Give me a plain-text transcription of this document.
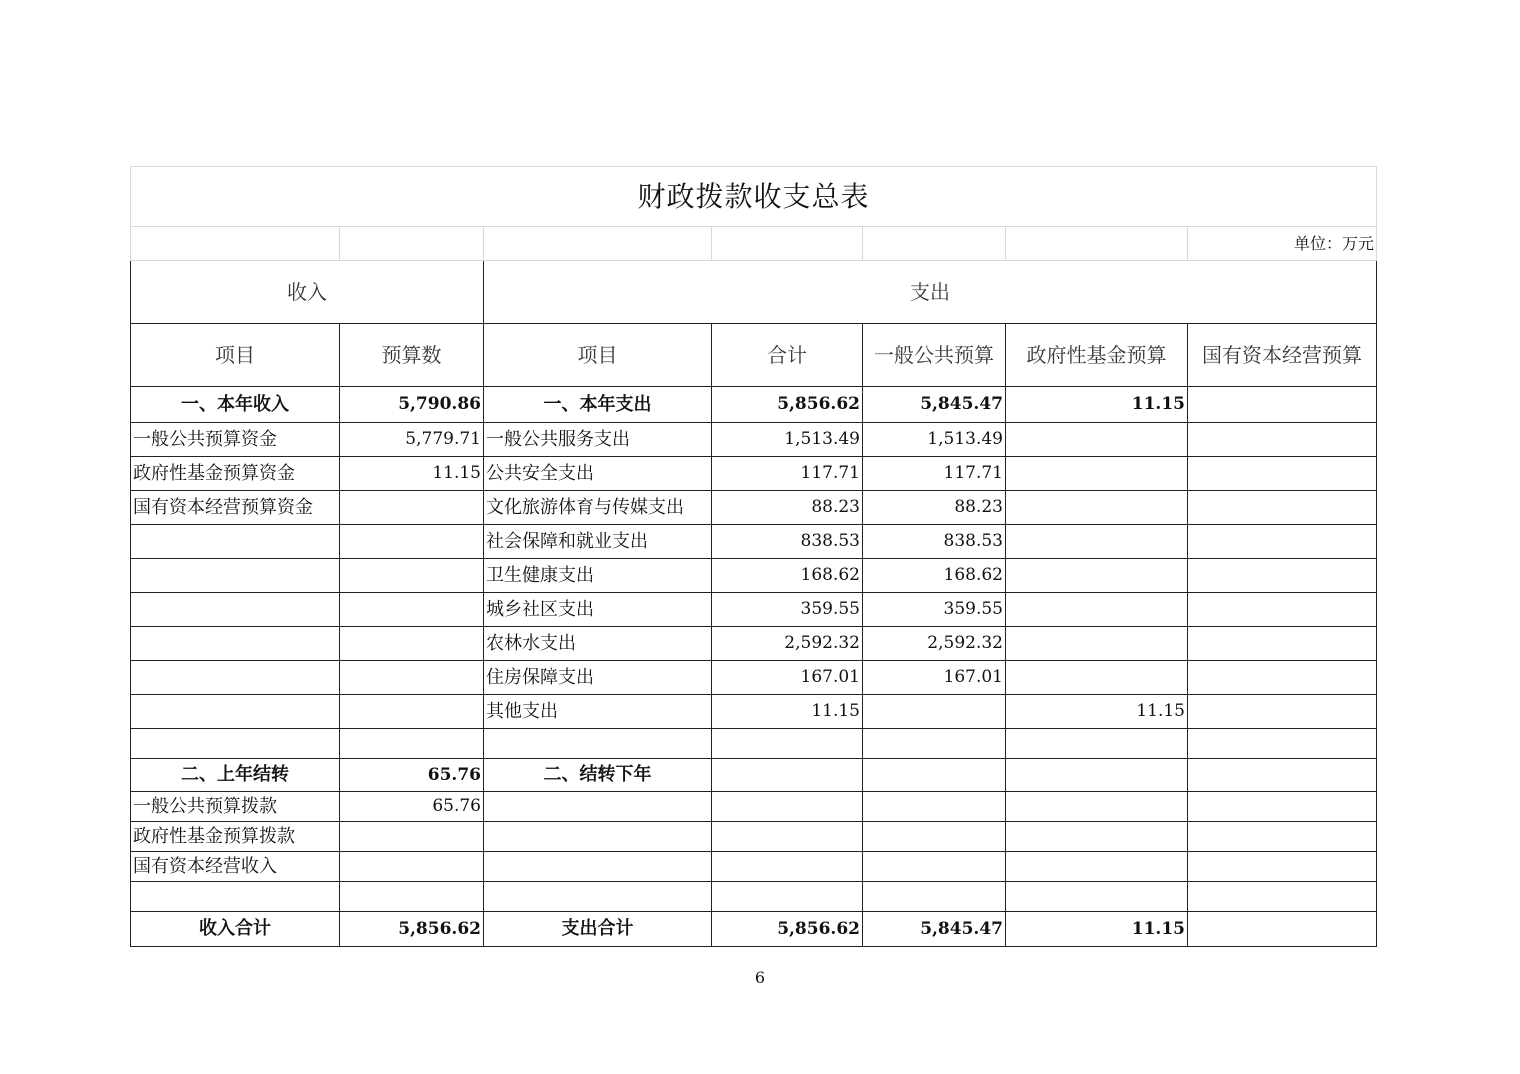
财政拨款收支总表						
						单位：万元
收入		支出				
项目	预算数	项目	合计	一般公共预算	政府性基金预算	国有资本经营预算
一、本年收入	5,790.86	一、本年支出	5,856.62	5,845.47	11.15	
一般公共预算资金	5,779.71	一般公共服务支出	1,513.49	1,513.49		
政府性基金预算资金	11.15	公共安全支出	117.71	117.71		
国有资本经营预算资金		文化旅游体育与传媒支出	88.23	88.23		
		社会保障和就业支出	838.53	838.53		
		卫生健康支出	168.62	168.62		
		城乡社区支出	359.55	359.55		
		农林水支出	2,592.32	2,592.32		
		住房保障支出	167.01	167.01		
		其他支出	11.15		11.15	

二、上年结转	65.76	二、结转下年				
一般公共预算拨款	65.76					
政府性基金预算拨款						
国有资本经营收入						

收入合计	5,856.62	支出合计	5,856.62	5,845.47	11.15	
6
